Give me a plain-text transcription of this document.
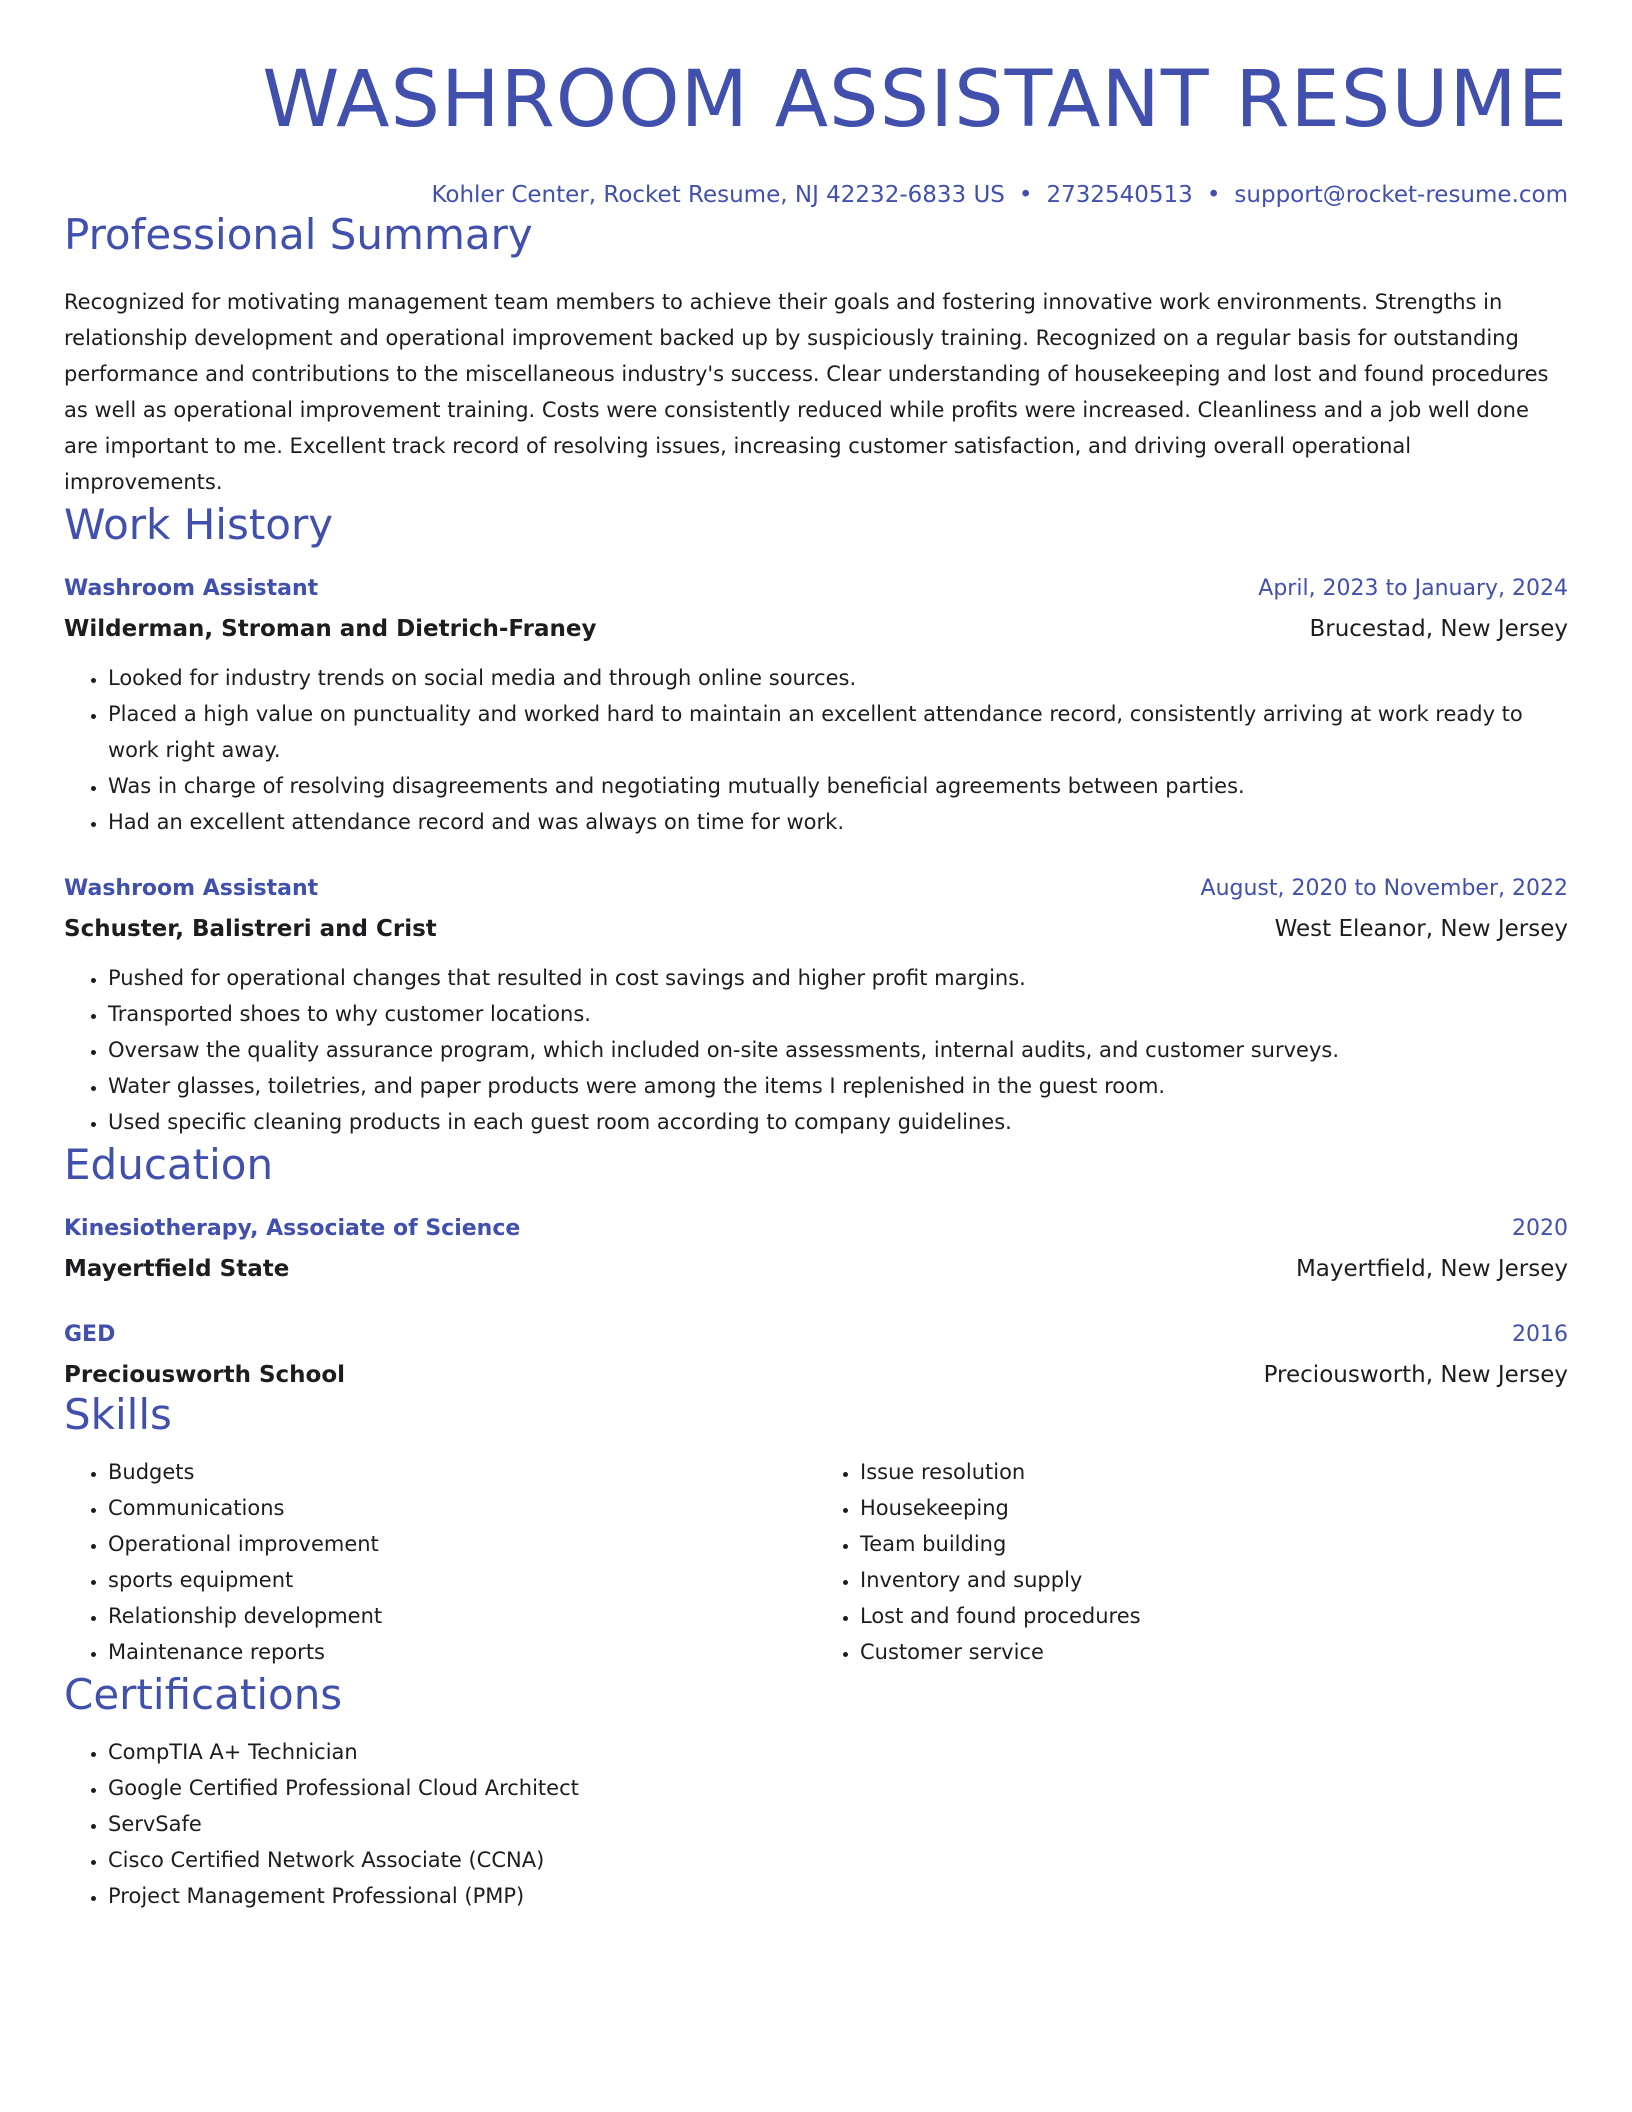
WASHROOM ASSISTANT RESUME
Kohler Center, Rocket Resume, NJ 42232-6833 US • 2732540513 • support@rocket-resume.com
Professional Summary

Recognized for motivating management team members to achieve their goals and fostering innovative work environments. Strengths in relationship development and operational improvement backed up by suspiciously training. Recognized on a regular basis for outstanding performance and contributions to the miscellaneous industry's success. Clear understanding of housekeeping and lost and found procedures as well as operational improvement training. Costs were consistently reduced while profits were increased. Cleanliness and a job well done are important to me. Excellent track record of resolving issues, increasing customer satisfaction, and driving overall operational improvements.

Work History
Washroom Assistant	April, 2023 to January, 2024
Wilderman, Stroman and Dietrich-Franey	Brucestad, New Jersey
• Looked for industry trends on social media and through online sources.
• Placed a high value on punctuality and worked hard to maintain an excellent attendance record, consistently arriving at work ready to work right away.
• Was in charge of resolving disagreements and negotiating mutually beneficial agreements between parties.
• Had an excellent attendance record and was always on time for work.
Washroom Assistant	August, 2020 to November, 2022
Schuster, Balistreri and Crist	West Eleanor, New Jersey
• Pushed for operational changes that resulted in cost savings and higher profit margins.
• Transported shoes to why customer locations.
• Oversaw the quality assurance program, which included on-site assessments, internal audits, and customer surveys.
• Water glasses, toiletries, and paper products were among the items I replenished in the guest room.
• Used specific cleaning products in each guest room according to company guidelines.
Education
Kinesiotherapy, Associate of Science	2020
Mayertfield State	Mayertfield, New Jersey
GED	2016
Preciousworth School	Preciousworth, New Jersey
Skills
• Budgets
• Communications
• Operational improvement
• sports equipment
• Relationship development
• Maintenance reports
• Issue resolution
• Housekeeping
• Team building
• Inventory and supply
• Lost and found procedures
• Customer service
Certifications
• CompTIA A+ Technician
• Google Certified Professional Cloud Architect
• ServSafe
• Cisco Certified Network Associate (CCNA)
• Project Management Professional (PMP)
